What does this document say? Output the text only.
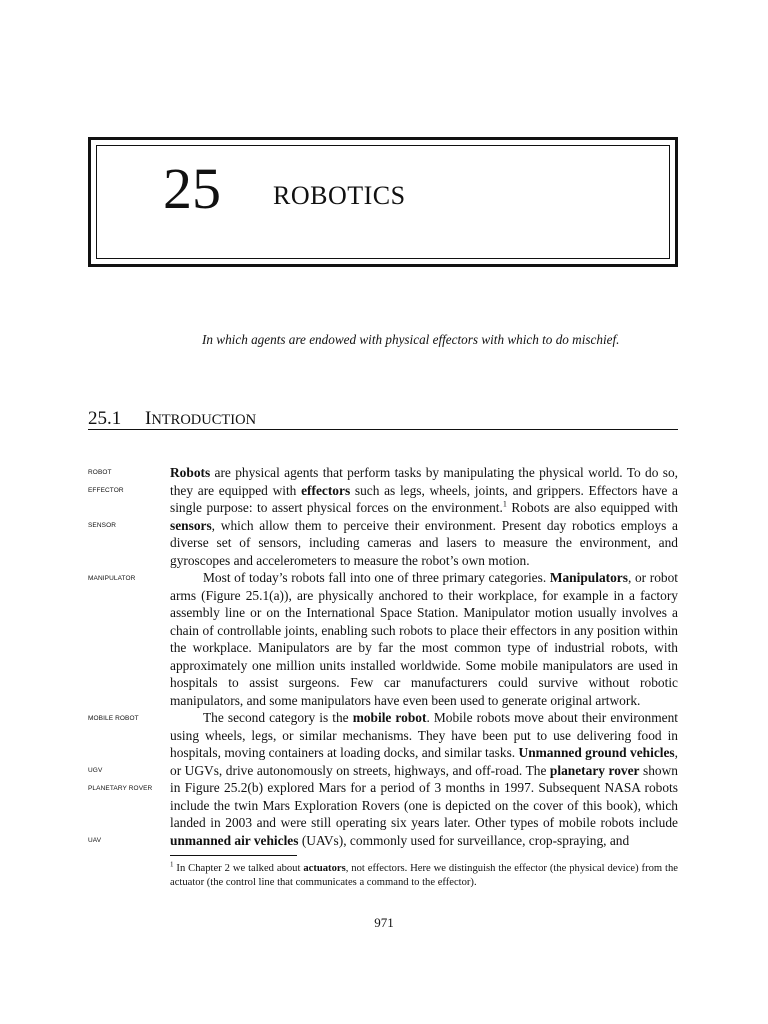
25 ROBOTICS
In which agents are endowed with physical effectors with which to do mischief.
25.1 INTRODUCTION
ROBOT
EFFECTOR
SENSOR
MANIPULATOR
MOBILE ROBOT
UGV
PLANETARY ROVER
UAV

Robots are physical agents that perform tasks by manipulating the physical world. To do so, they are equipped with effectors such as legs, wheels, joints, and grippers. Effectors have a single purpose: to assert physical forces on the environment.$^1$ Robots are also equipped with sensors, which allow them to perceive their environment. Present day robotics employs a diverse set of sensors, including cameras and lasers to measure the environment, and gyroscopes and accelerometers to measure the robot’s own motion.

Most of today’s robots fall into one of three primary categories. Manipulators, or robot arms (Figure 25.1(a)), are physically anchored to their workplace, for example in a factory assembly line or on the International Space Station. Manipulator motion usually involves a chain of controllable joints, enabling such robots to place their effectors in any position within the workplace. Manipulators are by far the most common type of industrial robots, with approximately one million units installed worldwide. Some mobile manipulators are used in hospitals to assist surgeons. Few car manufacturers could survive without robotic manipulators, and some manipulators have even been used to generate original artwork.

The second category is the mobile robot. Mobile robots move about their environment using wheels, legs, or similar mechanisms. They have been put to use delivering food in hospitals, moving containers at loading docks, and similar tasks. Unmanned ground vehicles, or UGVs, drive autonomously on streets, highways, and off-road. The planetary rover shown in Figure 25.2(b) explored Mars for a period of 3 months in 1997. Subsequent NASA robots include the twin Mars Exploration Rovers (one is depicted on the cover of this book), which landed in 2003 and were still operating six years later. Other types of mobile robots include unmanned air vehicles (UAVs), commonly used for surveillance, crop-spraying, and

$^1$ In Chapter 2 we talked about actuators, not effectors. Here we distinguish the effector (the physical device) from the actuator (the control line that communicates a command to the effector).
971
